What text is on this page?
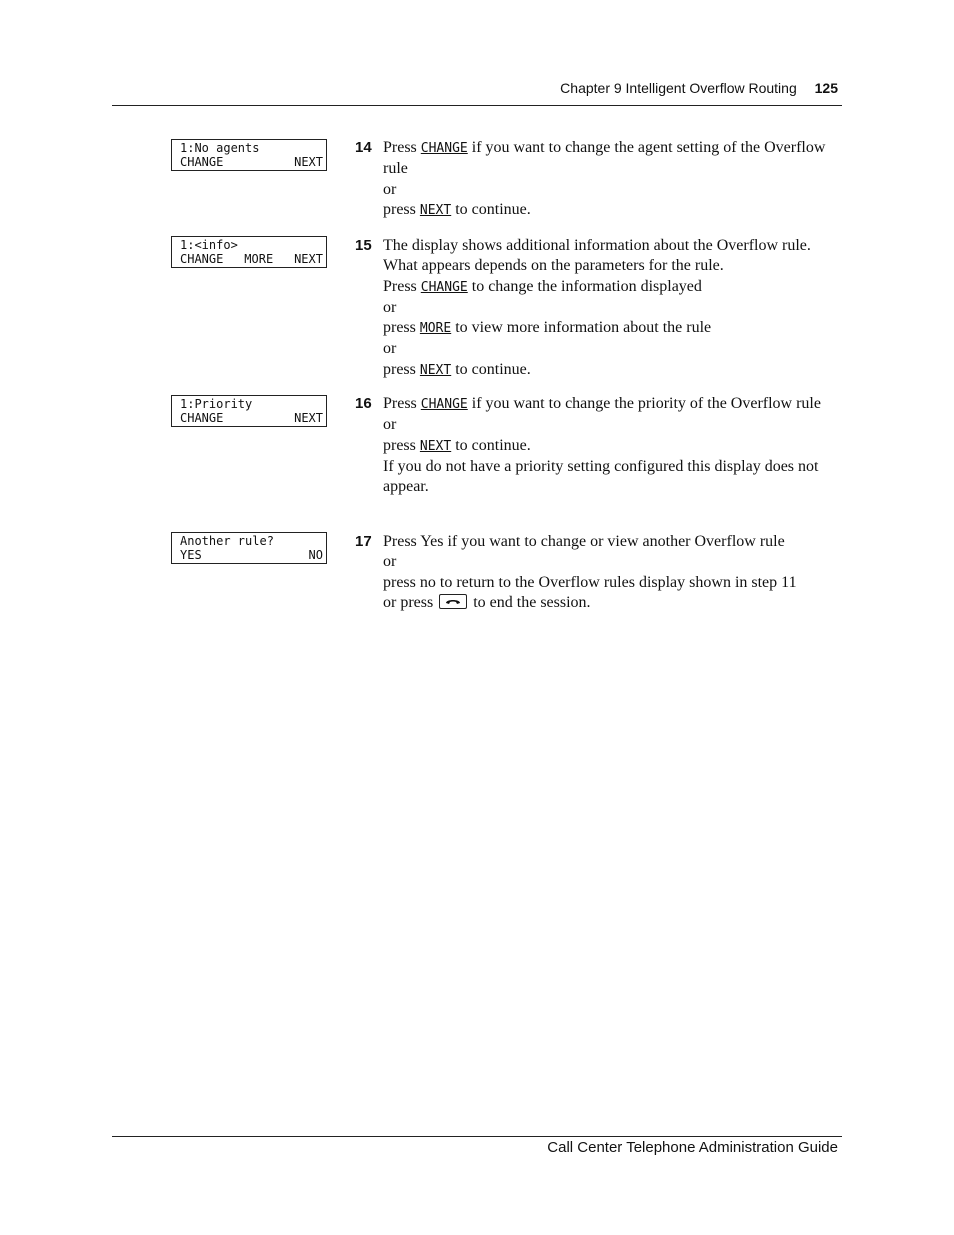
Chapter 9 Intelligent Overflow Routing 125
1:No agents
CHANGE	NEXT
14 Press CHANGE if you want to change the agent setting of the Overflow rule
or
press NEXT to continue.
1:<info>
CHANGE MORE NEXT
15 The display shows additional information about the Overflow rule. What appears depends on the parameters for the rule.
Press CHANGE to change the information displayed
or
press MORE to view more information about the rule
or
press NEXT to continue.
1:Priority
CHANGE	NEXT
16 Press CHANGE if you want to change the priority of the Overflow rule
or
press NEXT to continue.
If you do not have a priority setting configured this display does not appear.
Another rule?
YES	NO
17 Press Yes if you want to change or view another Overflow rule
or
press no to return to the Overflow rules display shown in step 11
or press
to end the session.
Call Center Telephone Administration Guide
